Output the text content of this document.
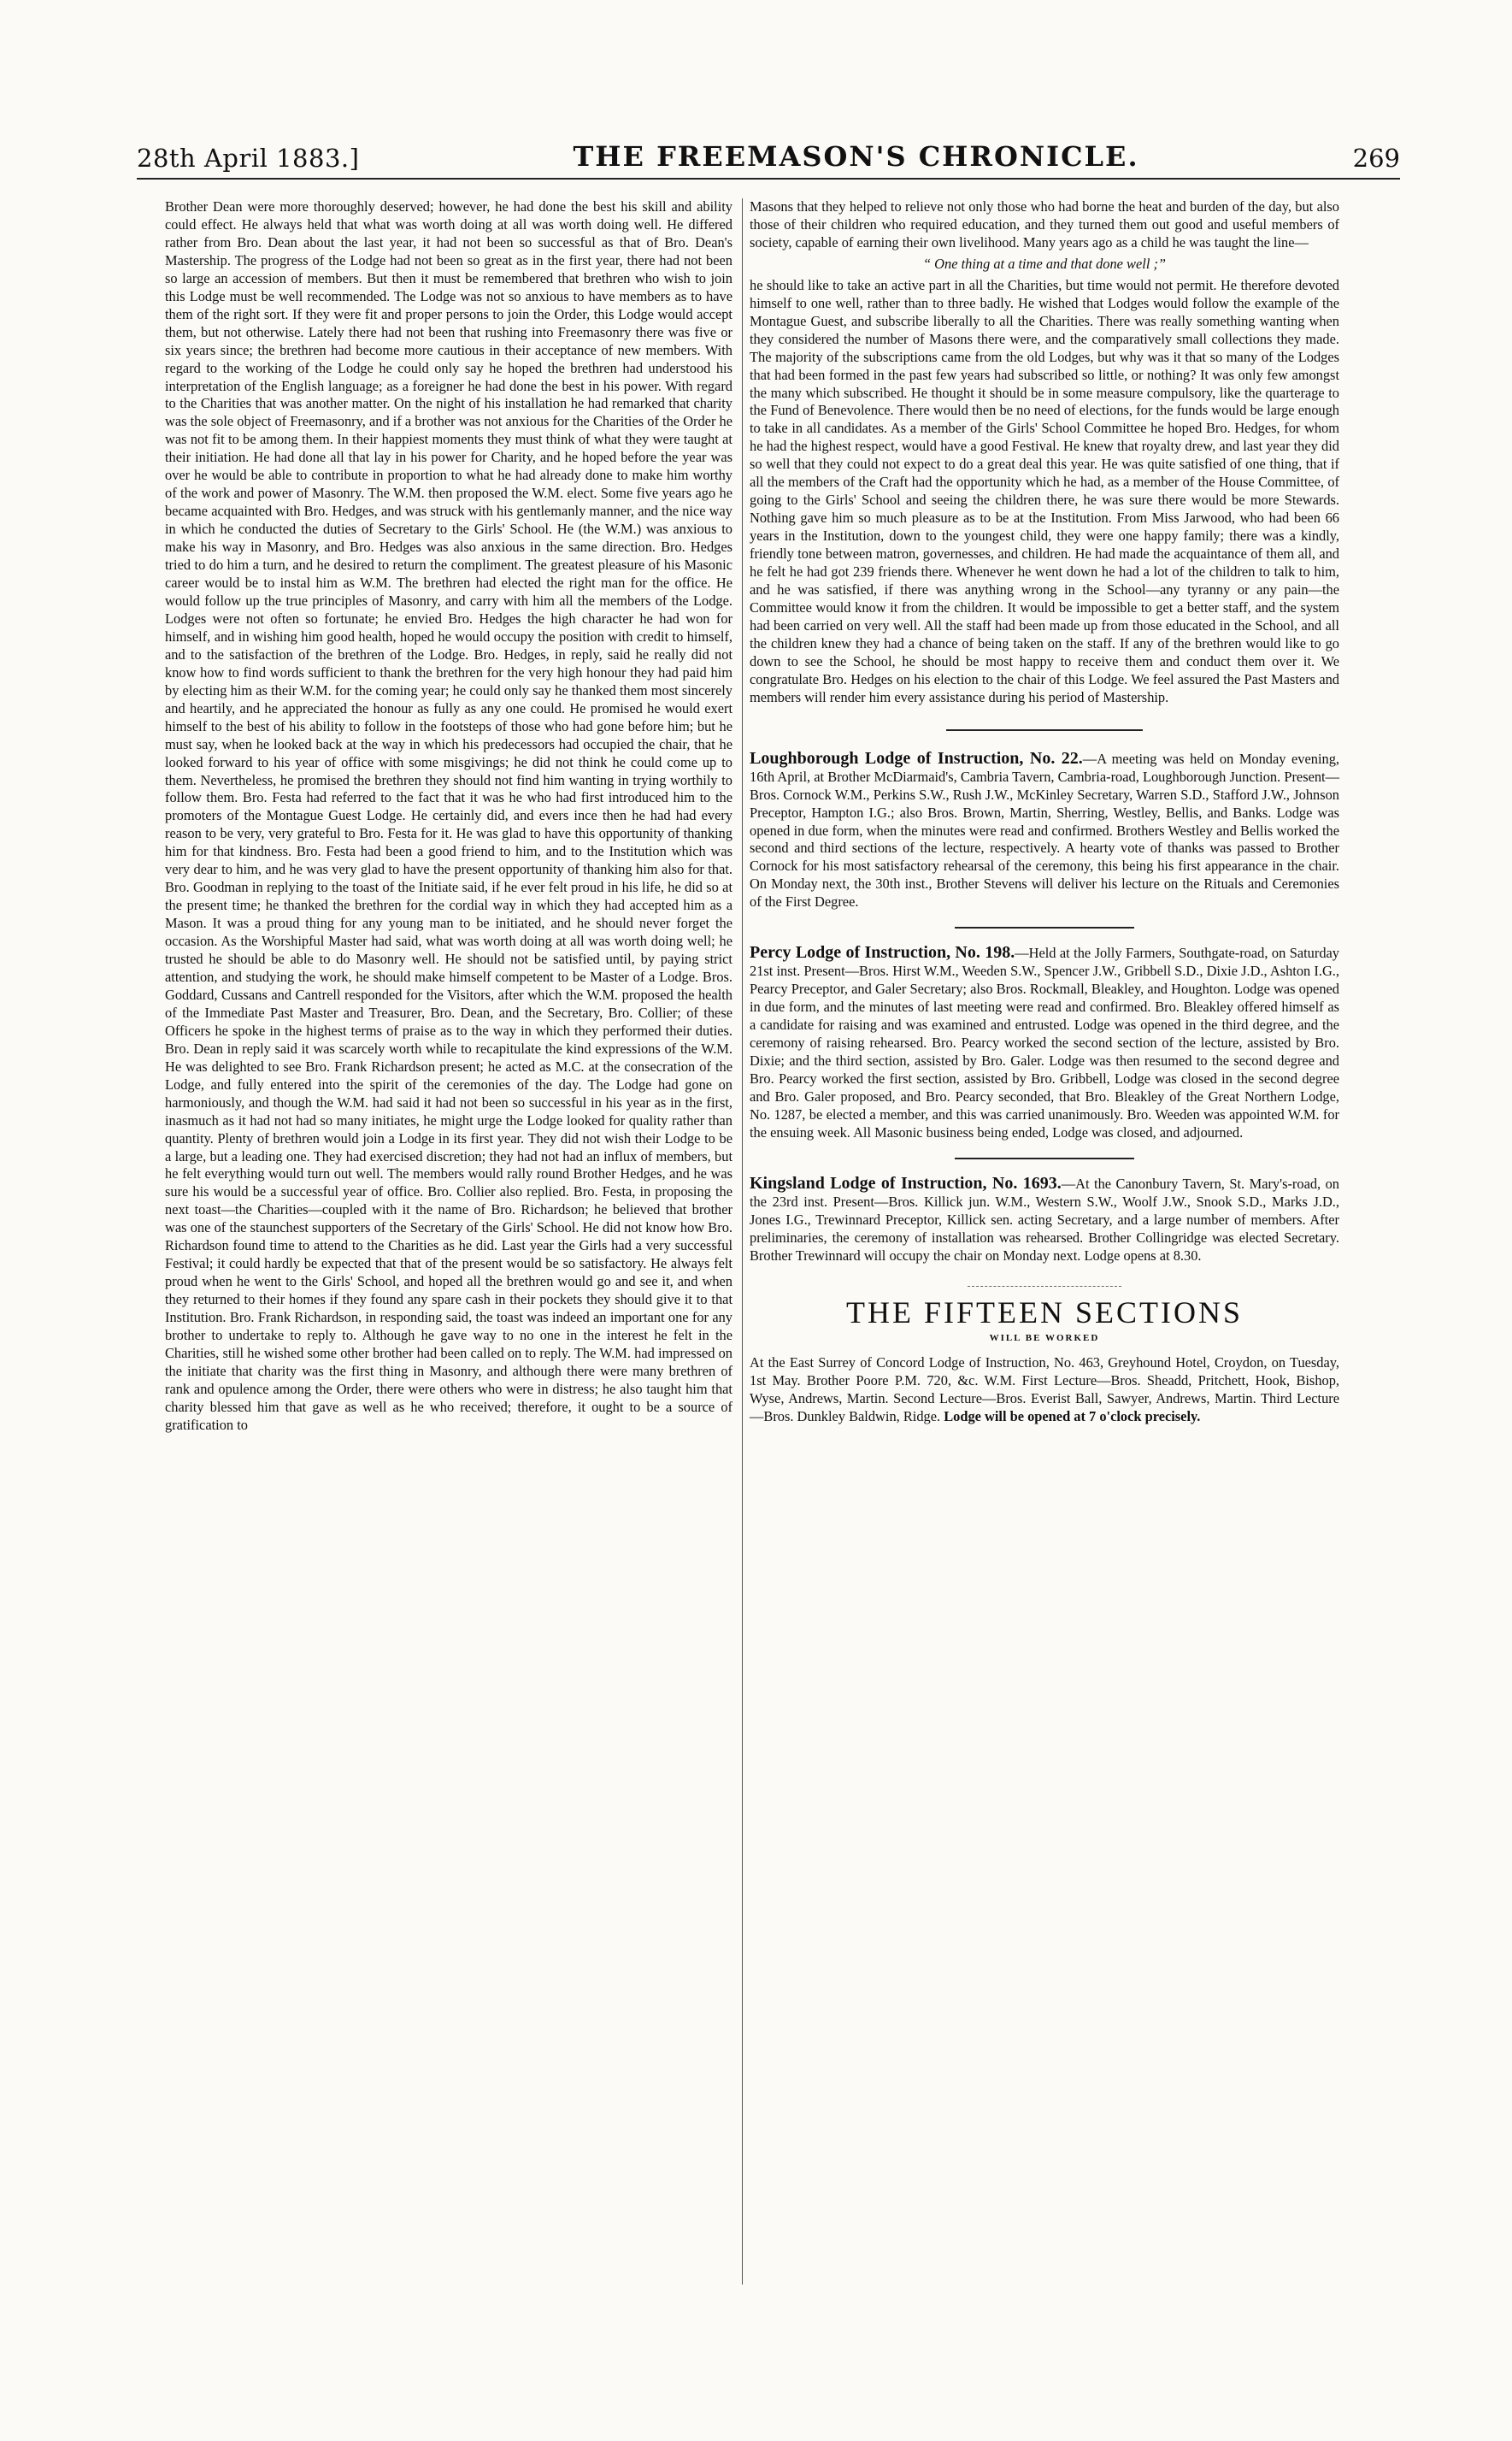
28th April 1883.]	THE FREEMASON'S CHRONICLE.	269

Brother Dean were more thoroughly deserved; however, he had done the best his skill and ability could effect. He always held that what was worth doing at all was worth doing well. He differed rather from Bro. Dean about the last year, it had not been so successful as that of Bro. Dean's Mastership. The progress of the Lodge had not been so great as in the first year, there had not been so large an accession of members. But then it must be remembered that brethren who wish to join this Lodge must be well recommended. The Lodge was not so anxious to have members as to have them of the right sort. If they were fit and proper persons to join the Order, this Lodge would accept them, but not otherwise. Lately there had not been that rushing into Freemasonry there was five or six years since; the brethren had become more cautious in their acceptance of new members. With regard to the working of the Lodge he could only say he hoped the brethren had understood his interpretation of the English language; as a foreigner he had done the best in his power. With regard to the Charities that was another matter. On the night of his installation he had remarked that charity was the sole object of Freemasonry, and if a brother was not anxious for the Charities of the Order he was not fit to be among them. In their happiest moments they must think of what they were taught at their initiation. He had done all that lay in his power for Charity, and he hoped before the year was over he would be able to contribute in proportion to what he had already done to make him worthy of the work and power of Masonry. The W.M. then proposed the W.M. elect. Some five years ago he became acquainted with Bro. Hedges, and was struck with his gentlemanly manner, and the nice way in which he conducted the duties of Secretary to the Girls' School. He (the W.M.) was anxious to make his way in Masonry, and Bro. Hedges was also anxious in the same direction. Bro. Hedges tried to do him a turn, and he desired to return the compliment. The greatest pleasure of his Masonic career would be to instal him as W.M. The brethren had elected the right man for the office. He would follow up the true principles of Masonry, and carry with him all the members of the Lodge. Lodges were not often so fortunate; he envied Bro. Hedges the high character he had won for himself, and in wishing him good health, hoped he would occupy the position with credit to himself, and to the satisfaction of the brethren of the Lodge. Bro. Hedges, in reply, said he really did not know how to find words sufficient to thank the brethren for the very high honour they had paid him by electing him as their W.M. for the coming year; he could only say he thanked them most sincerely and heartily, and he appreciated the honour as fully as any one could. He promised he would exert himself to the best of his ability to follow in the footsteps of those who had gone before him; but he must say, when he looked back at the way in which his predecessors had occupied the chair, that he looked forward to his year of office with some misgivings; he did not think he could come up to them. Nevertheless, he promised the brethren they should not find him wanting in trying worthily to follow them. Bro. Festa had referred to the fact that it was he who had first introduced him to the promoters of the Montague Guest Lodge. He certainly did, and evers ince then he had had every reason to be very, very grateful to Bro. Festa for it. He was glad to have this opportunity of thanking him for that kindness. Bro. Festa had been a good friend to him, and to the Institution which was very dear to him, and he was very glad to have the present opportunity of thanking him also for that. Bro. Goodman in replying to the toast of the Initiate said, if he ever felt proud in his life, he did so at the present time; he thanked the brethren for the cordial way in which they had accepted him as a Mason. It was a proud thing for any young man to be initiated, and he should never forget the occasion. As the Worshipful Master had said, what was worth doing at all was worth doing well; he trusted he should be able to do Masonry well. He should not be satisfied until, by paying strict attention, and studying the work, he should make himself competent to be Master of a Lodge. Bros. Goddard, Cussans and Cantrell responded for the Visitors, after which the W.M. proposed the health of the Immediate Past Master and Treasurer, Bro. Dean, and the Secretary, Bro. Collier; of these Officers he spoke in the highest terms of praise as to the way in which they performed their duties. Bro. Dean in reply said it was scarcely worth while to recapitulate the kind expressions of the W.M. He was delighted to see Bro. Frank Richardson present; he acted as M.C. at the consecration of the Lodge, and fully entered into the spirit of the ceremonies of the day. The Lodge had gone on harmoniously, and though the W.M. had said it had not been so successful in his year as in the first, inasmuch as it had not had so many initiates, he might urge the Lodge looked for quality rather than quantity. Plenty of brethren would join a Lodge in its first year. They did not wish their Lodge to be a large, but a leading one. They had exercised discretion; they had not had an influx of members, but he felt everything would turn out well. The members would rally round Brother Hedges, and he was sure his would be a successful year of office. Bro. Collier also replied. Bro. Festa, in proposing the next toast—the Charities—coupled with it the name of Bro. Richardson; he believed that brother was one of the staunchest supporters of the Secretary of the Girls' School. He did not know how Bro. Richardson found time to attend to the Charities as he did. Last year the Girls had a very successful Festival; it could hardly be expected that that of the present would be so satisfactory. He always felt proud when he went to the Girls' School, and hoped all the brethren would go and see it, and when they returned to their homes if they found any spare cash in their pockets they should give it to that Institution. Bro. Frank Richardson, in responding said, the toast was indeed an important one for any brother to undertake to reply to. Although he gave way to no one in the interest he felt in the Charities, still he wished some other brother had been called on to reply. The W.M. had impressed on the initiate that charity was the first thing in Masonry, and although there were many brethren of rank and opulence among the Order, there were others who were in distress; he also taught him that charity blessed him that gave as well as he who received; therefore, it ought to be a source of gratification to

Masons that they helped to relieve not only those who had borne the heat and burden of the day, but also those of their children who required education, and they turned them out good and useful members of society, capable of earning their own livelihood. Many years ago as a child he was taught the line—

“ One thing at a time and that done well ;”

he should like to take an active part in all the Charities, but time would not permit. He therefore devoted himself to one well, rather than to three badly. He wished that Lodges would follow the example of the Montague Guest, and subscribe liberally to all the Charities. There was really something wanting when they considered the number of Masons there were, and the comparatively small collections they made. The majority of the subscriptions came from the old Lodges, but why was it that so many of the Lodges that had been formed in the past few years had subscribed so little, or nothing? It was only few amongst the many which subscribed. He thought it should be in some measure compulsory, like the quarterage to the Fund of Benevolence. There would then be no need of elections, for the funds would be large enough to take in all candidates. As a member of the Girls' School Committee he hoped Bro. Hedges, for whom he had the highest respect, would have a good Festival. He knew that royalty drew, and last year they did so well that they could not expect to do a great deal this year. He was quite satisfied of one thing, that if all the members of the Craft had the opportunity which he had, as a member of the House Committee, of going to the Girls' School and seeing the children there, he was sure there would be more Stewards. Nothing gave him so much pleasure as to be at the Institution. From Miss Jarwood, who had been 66 years in the Institution, down to the youngest child, they were one happy family; there was a kindly, friendly tone between matron, governesses, and children. He had made the acquaintance of them all, and he felt he had got 239 friends there. Whenever he went down he had a lot of the children to talk to him, and he was satisfied, if there was anything wrong in the School—any tyranny or any pain—the Committee would know it from the children. It would be impossible to get a better staff, and the system had been carried on very well. All the staff had been made up from those educated in the School, and all the children knew they had a chance of being taken on the staff. If any of the brethren would like to go down to see the School, he should be most happy to receive them and conduct them over it. We congratulate Bro. Hedges on his election to the chair of this Lodge. We feel assured the Past Masters and members will render him every assistance during his period of Mastership.

Loughborough Lodge of Instruction, No. 22.—A meeting was held on Monday evening, 16th April, at Brother McDiarmaid's, Cambria Tavern, Cambria-road, Loughborough Junction. Present—Bros. Cornock W.M., Perkins S.W., Rush J.W., McKinley Secretary, Warren S.D., Stafford J.W., Johnson Preceptor, Hampton I.G.; also Bros. Brown, Martin, Sherring, Westley, Bellis, and Banks. Lodge was opened in due form, when the minutes were read and confirmed. Brothers Westley and Bellis worked the second and third sections of the lecture, respectively. A hearty vote of thanks was passed to Brother Cornock for his most satisfactory rehearsal of the ceremony, this being his first appearance in the chair. On Monday next, the 30th inst., Brother Stevens will deliver his lecture on the Rituals and Ceremonies of the First Degree.

Percy Lodge of Instruction, No. 198.—Held at the Jolly Farmers, Southgate-road, on Saturday 21st inst. Present—Bros. Hirst W.M., Weeden S.W., Spencer J.W., Gribbell S.D., Dixie J.D., Ashton I.G., Pearcy Preceptor, and Galer Secretary; also Bros. Rockmall, Bleakley, and Houghton. Lodge was opened in due form, and the minutes of last meeting were read and confirmed. Bro. Bleakley offered himself as a candidate for raising and was examined and entrusted. Lodge was opened in the third degree, and the ceremony of raising rehearsed. Bro. Pearcy worked the second section of the lecture, assisted by Bro. Dixie; and the third section, assisted by Bro. Galer. Lodge was then resumed to the second degree and Bro. Pearcy worked the first section, assisted by Bro. Gribbell, Lodge was closed in the second degree and Bro. Galer proposed, and Bro. Pearcy seconded, that Bro. Bleakley of the Great Northern Lodge, No. 1287, be elected a member, and this was carried unanimously. Bro. Weeden was appointed W.M. for the ensuing week. All Masonic business being ended, Lodge was closed, and adjourned.

Kingsland Lodge of Instruction, No. 1693.—At the Canonbury Tavern, St. Mary's-road, on the 23rd inst. Present—Bros. Killick jun. W.M., Western S.W., Woolf J.W., Snook S.D., Marks J.D., Jones I.G., Trewinnard Preceptor, Killick sen. acting Secretary, and a large number of members. After preliminaries, the ceremony of installation was rehearsed. Brother Collingridge was elected Secretary. Brother Trewinnard will occupy the chair on Monday next. Lodge opens at 8.30.

THE FIFTEEN SECTIONS

WILL BE WORKED

At the East Surrey of Concord Lodge of Instruction, No. 463, Greyhound Hotel, Croydon, on Tuesday, 1st May. Brother Poore P.M. 720, &c. W.M. First Lecture—Bros. Sheadd, Pritchett, Hook, Bishop, Wyse, Andrews, Martin. Second Lecture—Bros. Everist Ball, Sawyer, Andrews, Martin. Third Lecture—Bros. Dunkley Baldwin, Ridge. Lodge will be opened at 7 o'clock precisely.
